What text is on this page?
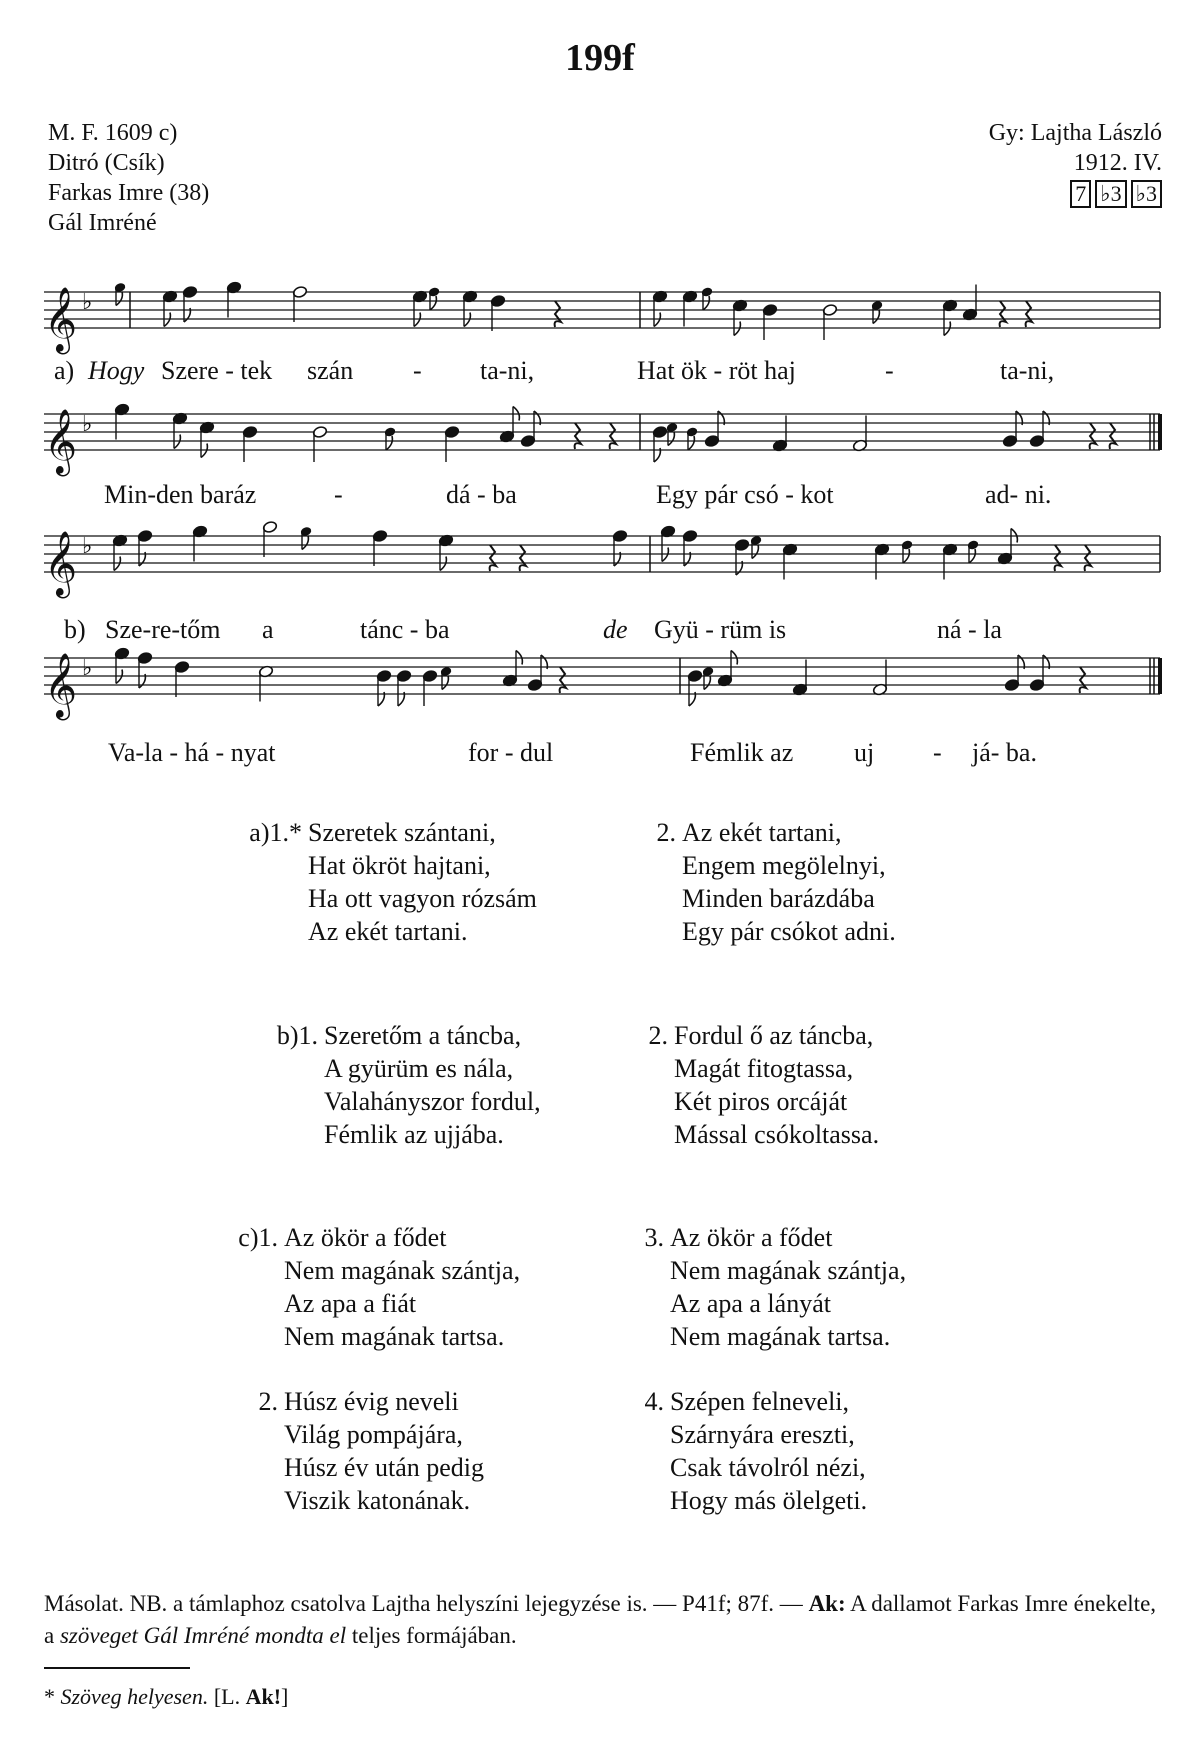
199f
M. F. 1609 c)
Ditró (Csík)
Farkas Imre (38)
Gál Imréné
Gy: Lajtha László
1912. IV.
7 ♭3 ♭3
𝄞 ♭
𝄞 ♭
𝄞 ♭
𝄞 ♭
a) Hogy Szere - tek szán - ta-ni,	Hat ök - röt haj	-	ta-ni,
Min-den baráz	-	dá - ba	Egy pár csó - kot	ad- ni.
b) Sze-re-tőm a	tánc - ba	de Gyü - rüm is	ná - la
Va-la - há - nyat	for - dul	Fémlik az uj - já- ba.
a)1.* Szeretek szántani,
Hat ökröt hajtani,
Ha ott vagyon rózsám
Az ekét tartani.
2. Az ekét tartani,
Engem megölelnyi,
Minden barázdába
Egy pár csókot adni.
b)1. Szeretőm a táncba,
A gyürüm es nála,
Valahányszor fordul,
Fémlik az ujjába.
2. Fordul ő az táncba,
Magát fitogtassa,
Két piros orcáját
Mással csókoltassa.
c)1. Az ökör a fődet
Nem magának szántja,
Az apa a fiát
Nem magának tartsa.
3. Az ökör a fődet
Nem magának szántja,
Az apa a lányát
Nem magának tartsa.
2. Húsz évig neveli
Világ pompájára,
Húsz év után pedig
Viszik katonának.
4. Szépen felneveli,
Szárnyára ereszti,
Csak távolról nézi,
Hogy más ölelgeti.
Másolat. NB. a támlaphoz csatolva Lajtha helyszíni lejegyzése is. — P41f; 87f. — Ak: A dallamot Farkas Imre énekelte, a szöveget Gál Imréné mondta el teljes formájában.
* Szöveg helyesen. [L. Ak!]
